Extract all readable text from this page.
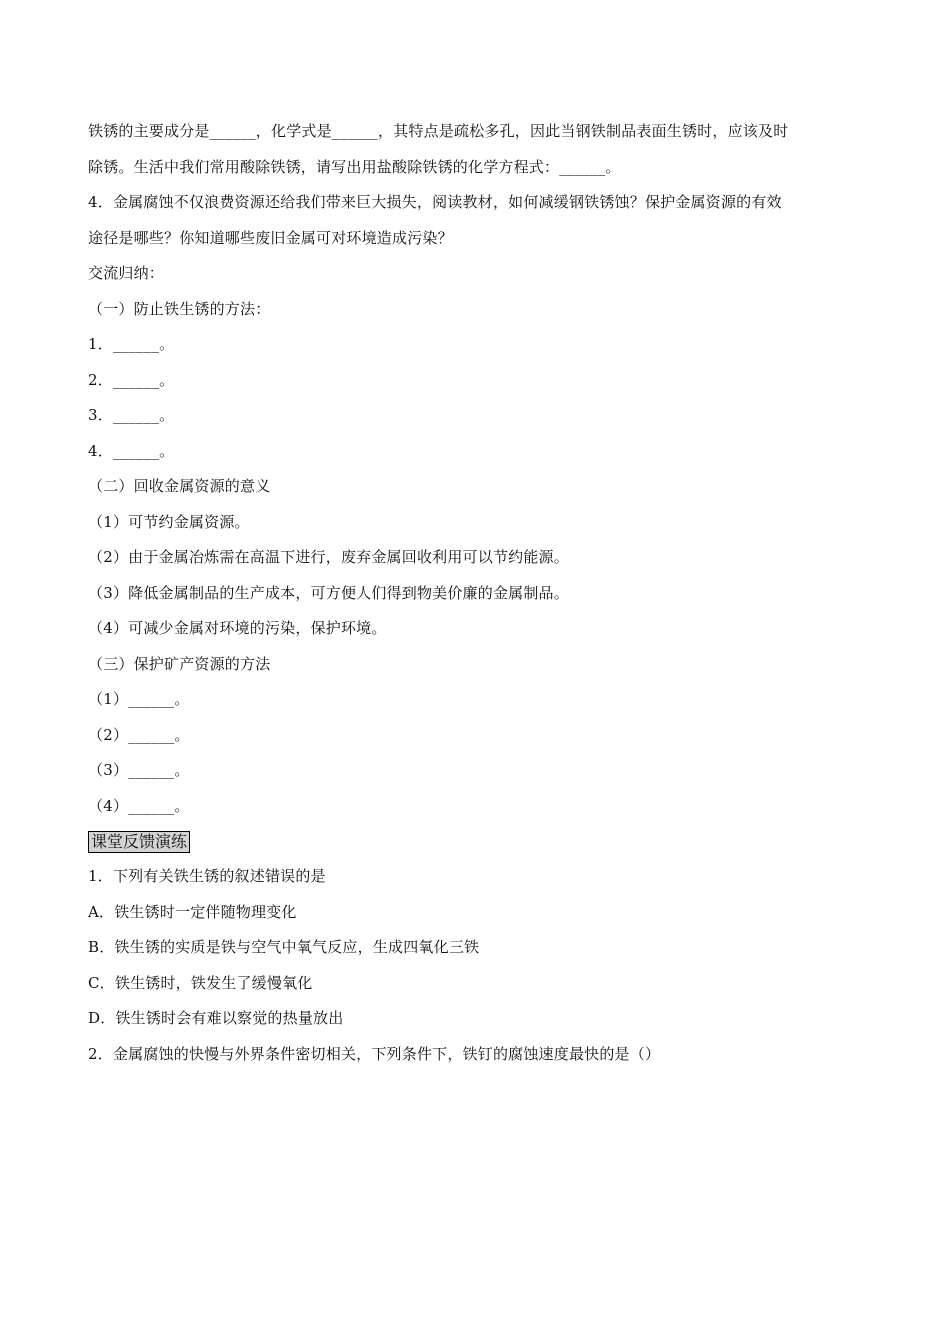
铁锈的主要成分是______，化学式是______，其特点是疏松多孔，因此当钢铁制品表面生锈时，应该及时
除锈。生活中我们常用酸除铁锈，请写出用盐酸除铁锈的化学方程式：______。
4．金属腐蚀不仅浪费资源还给我们带来巨大损失，阅读教材，如何减缓钢铁锈蚀？保护金属资源的有效
途径是哪些？你知道哪些废旧金属可对环境造成污染？
交流归纳：
（一）防止铁生锈的方法：
1．______。
2．______。
3．______。
4．______。
（二）回收金属资源的意义
（1）可节约金属资源。
（2）由于金属冶炼需在高温下进行，废弃金属回收利用可以节约能源。
（3）降低金属制品的生产成本，可方便人们得到物美价廉的金属制品。
（4）可减少金属对环境的污染，保护环境。
（三）保护矿产资源的方法
（1）______。
（2）______。
（3）______。
（4）______。
课堂反馈演练
1．下列有关铁生锈的叙述错误的是
A．铁生锈时一定伴随物理变化
B．铁生锈的实质是铁与空气中氧气反应，生成四氧化三铁
C．铁生锈时，铁发生了缓慢氧化
D．铁生锈时会有难以察觉的热量放出
2．金属腐蚀的快慢与外界条件密切相关，下列条件下，铁钉的腐蚀速度最快的是（）
